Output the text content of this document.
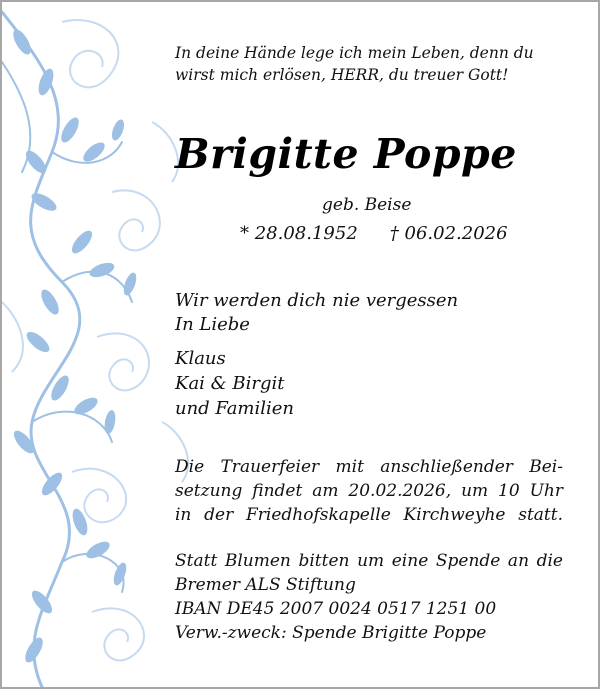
In deine Hände lege ich mein Leben, denn du
wirst mich erlösen, HERR, du treuer Gott!
Brigitte Poppe
geb. Beise
* 28.08.1952 † 06.02.2026
Wir werden dich nie vergessen
In Liebe
Klaus
Kai & Birgit
und Familien
Die Trauerfeier mit anschließender Bei-
setzung findet am 20.02.2026, um 10 Uhr
in der Friedhofskapelle Kirchweyhe statt.
Statt Blumen bitten um eine Spende an die
Bremer ALS Stiftung
IBAN DE45 2007 0024 0517 1251 00
Verw.-zweck: Spende Brigitte Poppe
